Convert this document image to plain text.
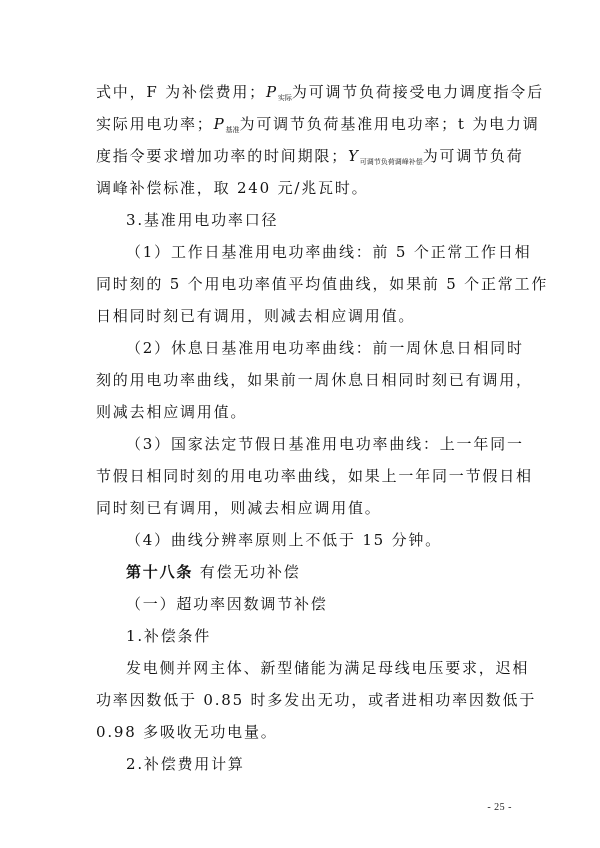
式中，F 为补偿费用；$P_{实际}$为可调节负荷接受电力调度指令后
实际用电功率；$P_{基准}$为可调节负荷基准用电功率；t 为电力调
度指令要求增加功率的时间期限；$Y_{可调节负荷调峰补偿}$为可调节负荷
调峰补偿标准，取 240 元/兆瓦时。
3.基准用电功率口径
（1）工作日基准用电功率曲线：前 5 个正常工作日相
同时刻的 5 个用电功率值平均值曲线，如果前 5 个正常工作
日相同时刻已有调用，则减去相应调用值。
（2）休息日基准用电功率曲线：前一周休息日相同时
刻的用电功率曲线，如果前一周休息日相同时刻已有调用，
则减去相应调用值。
（3）国家法定节假日基准用电功率曲线：上一年同一
节假日相同时刻的用电功率曲线，如果上一年同一节假日相
同时刻已有调用，则减去相应调用值。
（4）曲线分辨率原则上不低于 15 分钟。
第十八条 有偿无功补偿
（一）超功率因数调节补偿
1.补偿条件
发电侧并网主体、新型储能为满足母线电压要求，迟相
功率因数低于 0.85 时多发出无功，或者进相功率因数低于
0.98 多吸收无功电量。
2.补偿费用计算
- 25 -
